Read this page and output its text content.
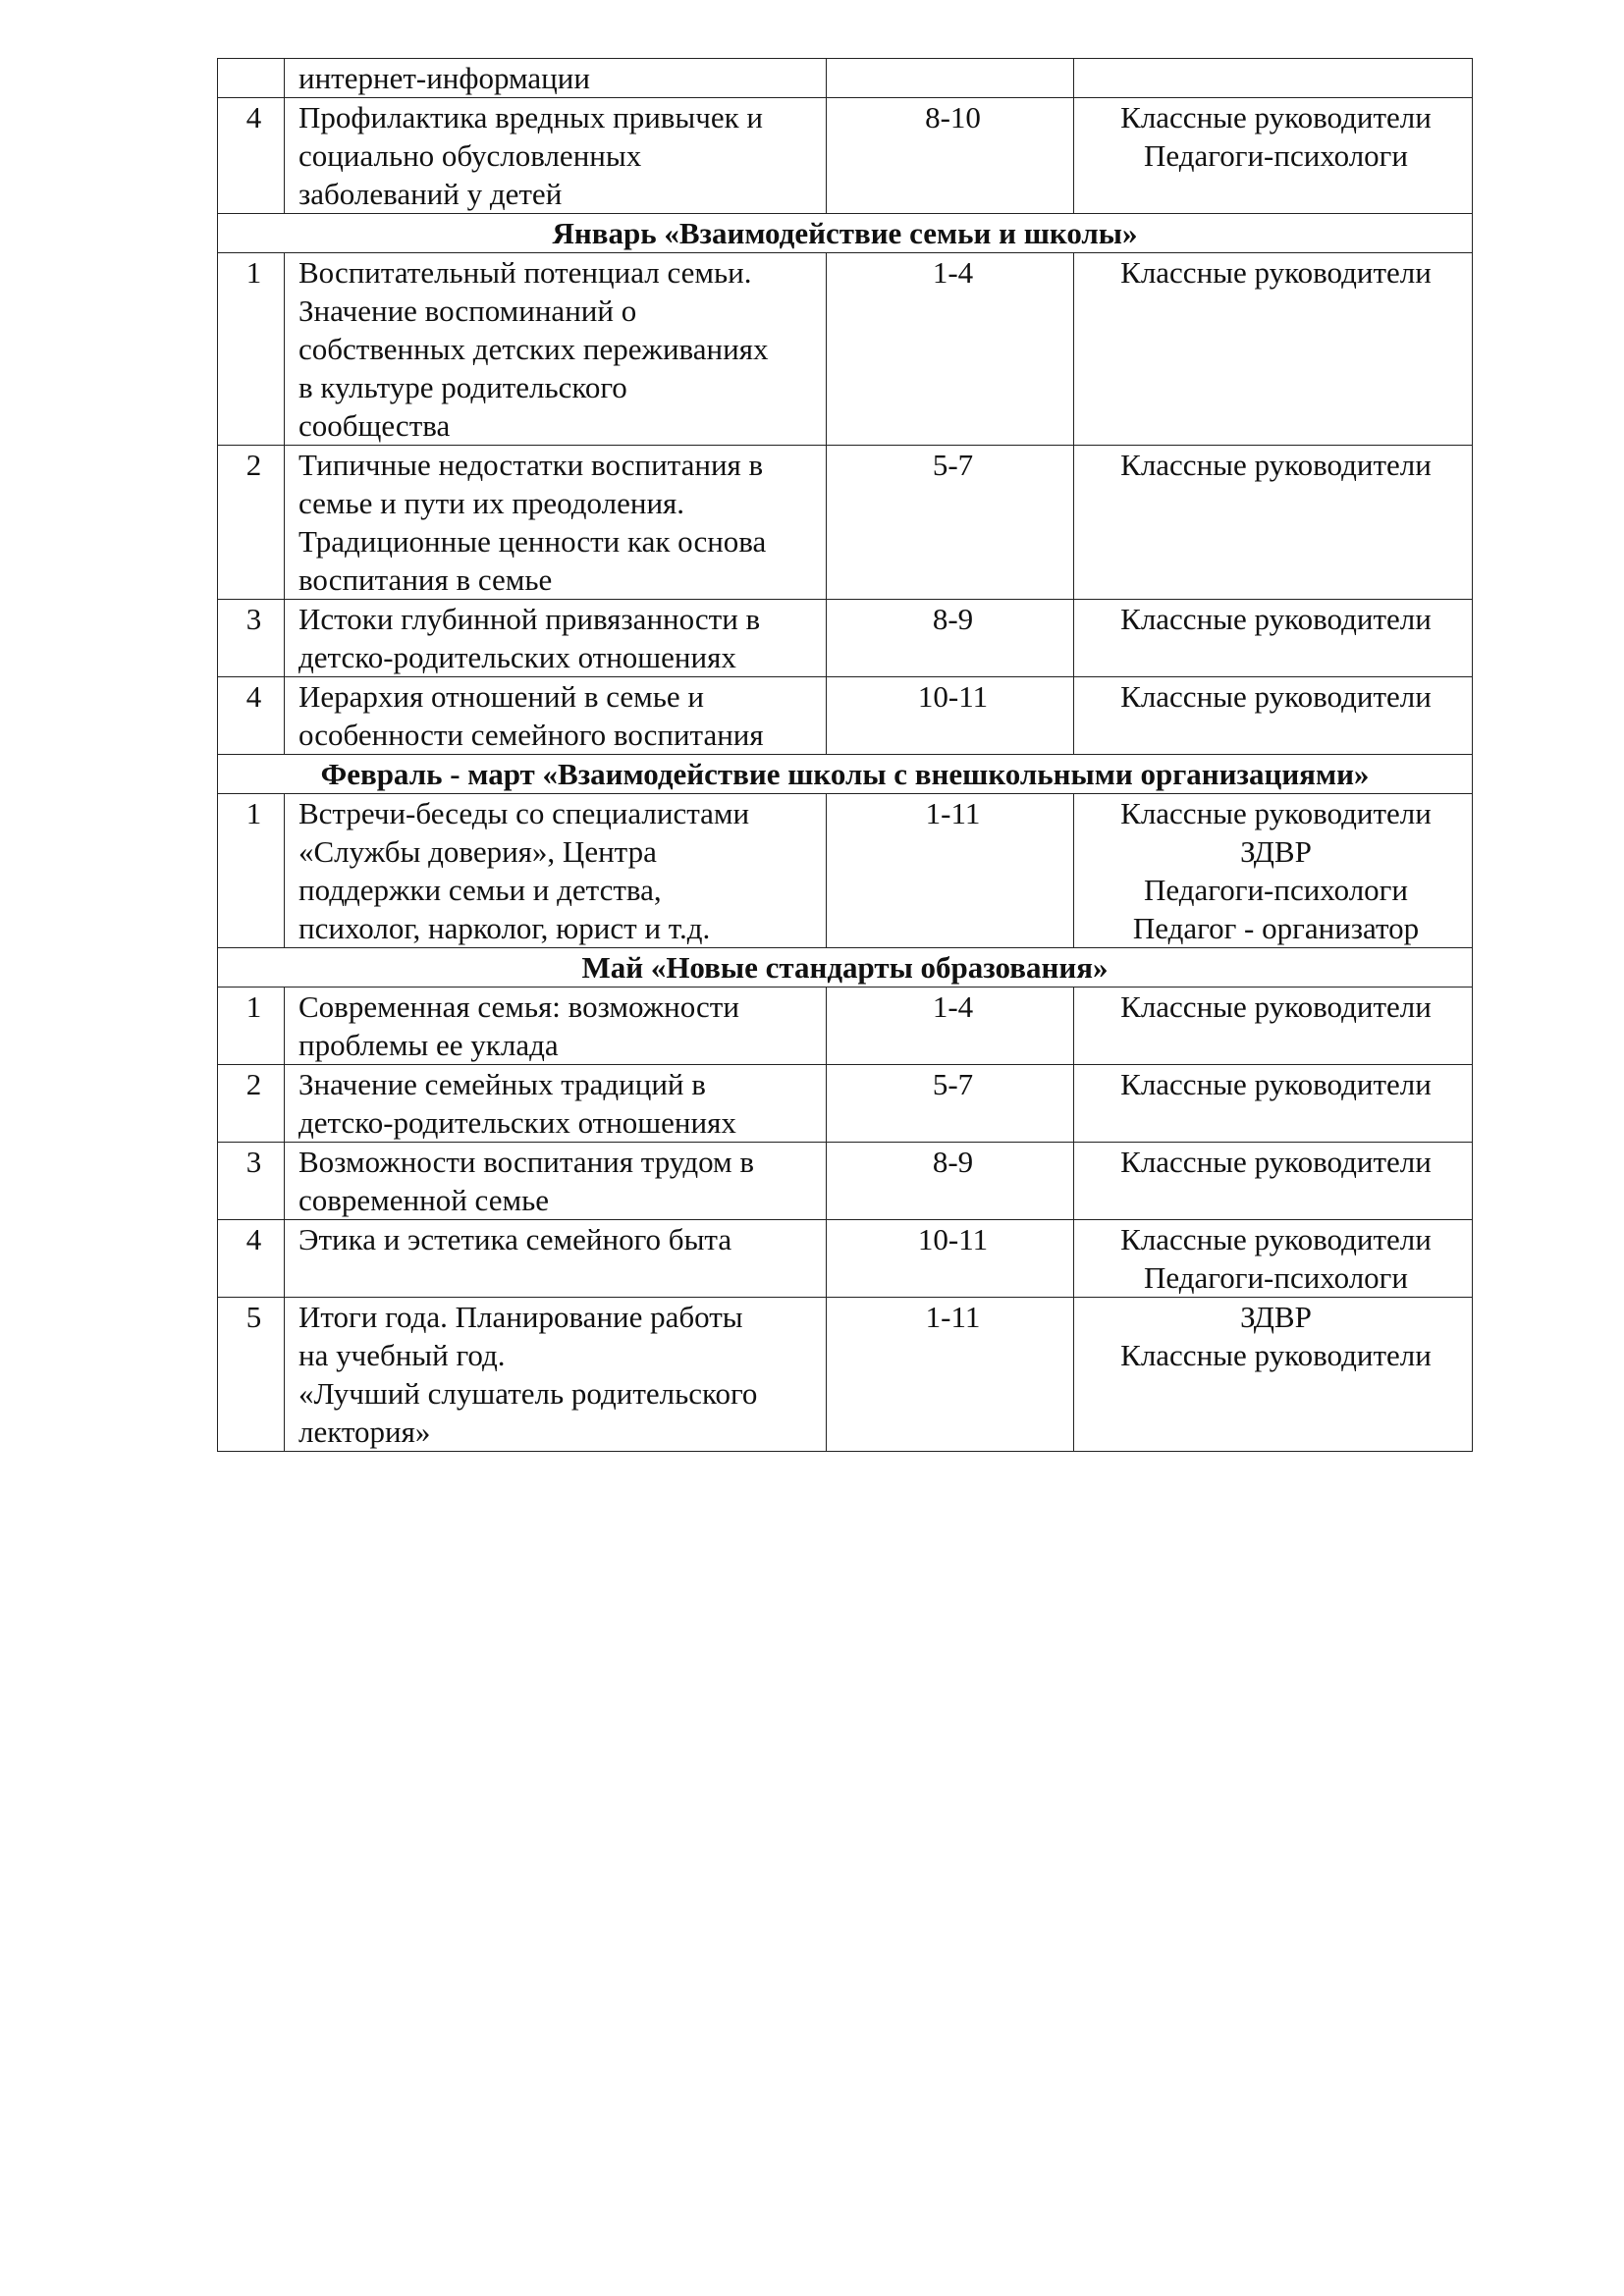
	интернет-информации		

4	Профилактика вредных привычек и
социально обусловленных
заболеваний у детей	8-10	Классные руководители
Педагоги-психологи

Январь «Взаимодействие семьи и школы»			
1	Воспитательный потенциал семьи.
Значение воспоминаний о
собственных детских переживаниях
в культуре родительского
сообщества	1-4	Классные руководители

2	Типичные недостатки воспитания в
семье и пути их преодоления.
Традиционные ценности как основа
воспитания в семье	5-7	Классные руководители

3	Истоки глубинной привязанности в
детско-родительских отношениях	8-9	Классные руководители

4	Иерархия отношений в семье и
особенности семейного воспитания	10-11	Классные руководители

Февраль - март «Взаимодействие школы с внешкольными организациями»			
1	Встречи-беседы со специалистами
«Службы доверия», Центра
поддержки семьи и детства,
психолог, нарколог, юрист и т.д.	1-11	Классные руководители
ЗДВР
Педагоги-психологи
Педагог - организатор

Май «Новые стандарты образования»			
1	Современная семья: возможности
проблемы ее уклада	1-4	Классные руководители

2	Значение семейных традиций в
детско-родительских отношениях	5-7	Классные руководители

3	Возможности воспитания трудом в
современной семье	8-9	Классные руководители

4	Этика и эстетика семейного быта	10-11	Классные руководители
Педагоги-психологи

5	Итоги года. Планирование работы
на учебный год.
«Лучший слушатель родительского
лектория»	1-11	ЗДВР
Классные руководители
